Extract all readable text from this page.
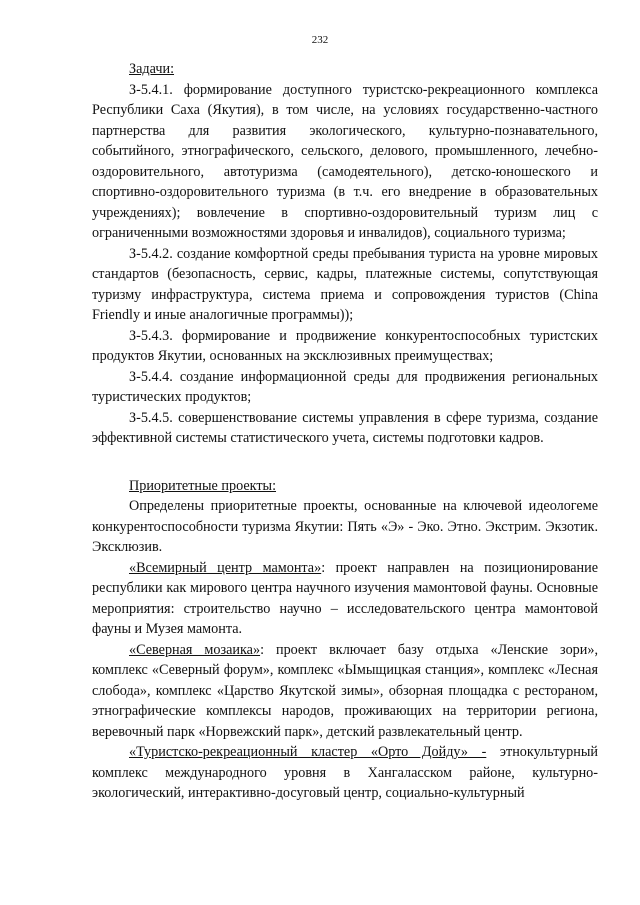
232

Задачи:

З-5.4.1. формирование доступного туристско-рекреационного комплекса Республики Саха (Якутия), в том числе, на условиях государственно-частного партнерства для развития экологического, культурно-познавательного, событийного, этнографического, сельского, делового, промышленного, лечебно-оздоровительного, автотуризма (самодеятельного), детско-юношеского и спортивно-оздоровительного туризма (в т.ч. его внедрение в образовательных учреждениях); вовлечение в спортивно-оздоровительный туризм лиц с ограниченными возможностями здоровья и инвалидов), социального туризма;

З-5.4.2. создание комфортной среды пребывания туриста на уровне мировых стандартов (безопасность, сервис, кадры, платежные системы, сопутствующая туризму инфраструктура, система приема и сопровождения туристов (China Friendly и иные аналогичные программы));

З-5.4.3. формирование и продвижение конкурентоспособных туристских продуктов Якутии, основанных на эксклюзивных преимуществах;

З-5.4.4. создание информационной среды для продвижения региональных туристических продуктов;

З-5.4.5. совершенствование системы управления в сфере туризма, создание эффективной системы статистического учета, системы подготовки кадров.

Приоритетные проекты:

Определены приоритетные проекты, основанные на ключевой идеологеме конкурентоспособности туризма Якутии: Пять «Э» - Эко. Этно. Экстрим. Экзотик. Эксклюзив.

«Всемирный центр мамонта»: проект направлен на позиционирование республики как мирового центра научного изучения мамонтовой фауны. Основные мероприятия: строительство научно – исследовательского центра мамонтовой фауны и Музея мамонта.

«Северная мозаика»: проект включает базу отдыха «Ленские зори», комплекс «Северный форум», комплекс «Ымыщицкая станция», комплекс «Лесная слобода», комплекс «Царство Якутской зимы», обзорная площадка с рестораном, этнографические комплексы народов, проживающих на территории региона, веревочный парк «Норвежский парк», детский развлекательный центр.

«Туристско-рекреационный кластер «Орто Дойду» - этнокультурный комплекс международного уровня в Хангаласском районе, культурно-экологический, интерактивно-досуговый центр, социально-культурный
